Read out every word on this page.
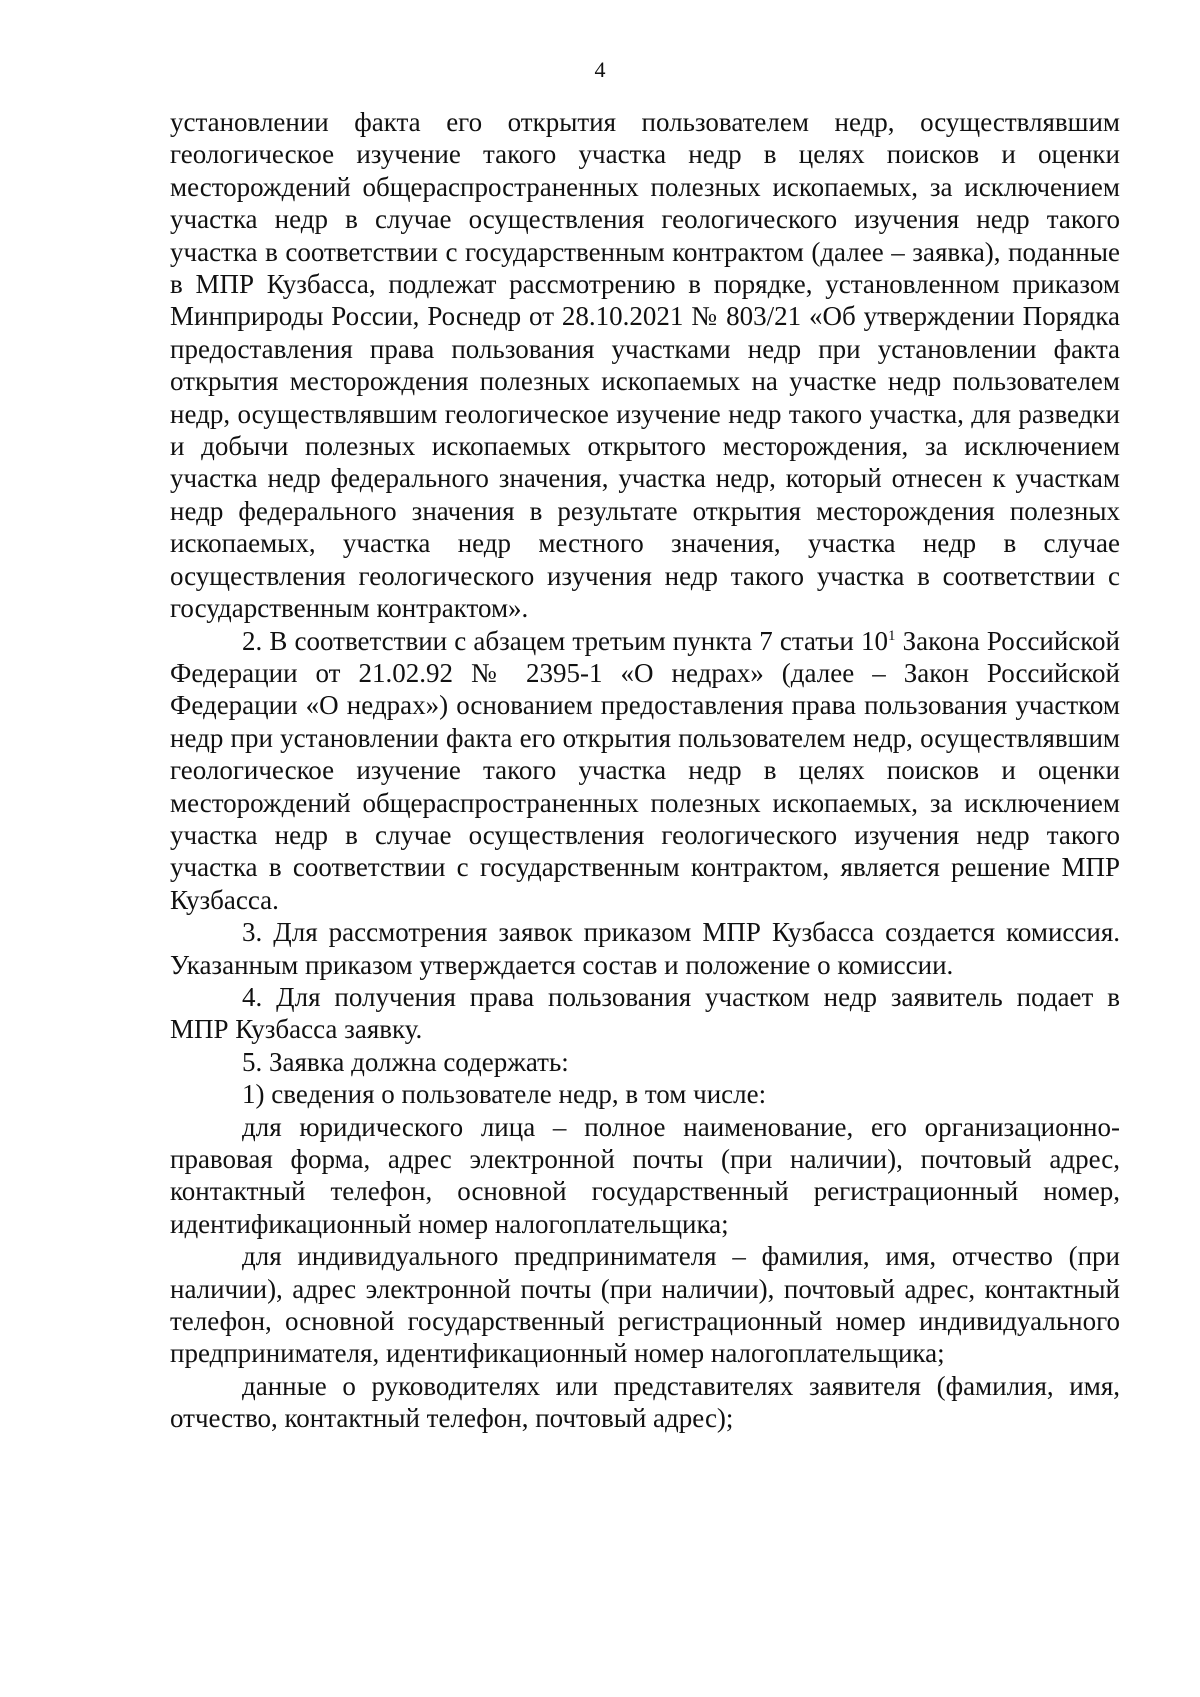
4

установлении факта его открытия пользователем недр, осуществлявшим геологическое изучение такого участка недр в целях поисков и оценки месторождений общераспространенных полезных ископаемых, за исключением участка недр в случае осуществления геологического изучения недр такого участка в соответствии с государственным контрактом (далее – заявка), поданные в МПР Кузбасса, подлежат рассмотрению в порядке, установленном приказом Минприроды России, Роснедр от 28.10.2021 № 803/21 «Об утверждении Порядка предоставления права пользования участками недр при установлении факта открытия месторождения полезных ископаемых на участке недр пользователем недр, осуществлявшим геологическое изучение недр такого участка, для разведки и добычи полезных ископаемых открытого месторождения, за исключением участка недр федерального значения, участка недр, который отнесен к участкам недр федерального значения в результате открытия месторождения полезных ископаемых, участка недр местного значения, участка недр в случае осуществления геологического изучения недр такого участка в соответствии с государственным контрактом».

2. В соответствии с абзацем третьим пункта 7 статьи $10^1$ Закона Российской Федерации от 21.02.92 № 2395-1 «О недрах» (далее – Закон Российской Федерации «О недрах») основанием предоставления права пользования участком недр при установлении факта его открытия пользователем недр, осуществлявшим геологическое изучение такого участка недр в целях поисков и оценки месторождений общераспространенных полезных ископаемых, за исключением участка недр в случае осуществления геологического изучения недр такого участка в соответствии с государственным контрактом, является решение МПР Кузбасса.

3. Для рассмотрения заявок приказом МПР Кузбасса создается комиссия. Указанным приказом утверждается состав и положение о комиссии.

4. Для получения права пользования участком недр заявитель подает в МПР Кузбасса заявку.

5. Заявка должна содержать:

1) сведения о пользователе недр, в том числе:

для юридического лица – полное наименование, его организационно-правовая форма, адрес электронной почты (при наличии), почтовый адрес, контактный телефон, основной государственный регистрационный номер, идентификационный номер налогоплательщика;

для индивидуального предпринимателя – фамилия, имя, отчество (при наличии), адрес электронной почты (при наличии), почтовый адрес, контактный телефон, основной государственный регистрационный номер индивидуального предпринимателя, идентификационный номер налогоплательщика;

данные о руководителях или представителях заявителя (фамилия, имя, отчество, контактный телефон, почтовый адрес);
